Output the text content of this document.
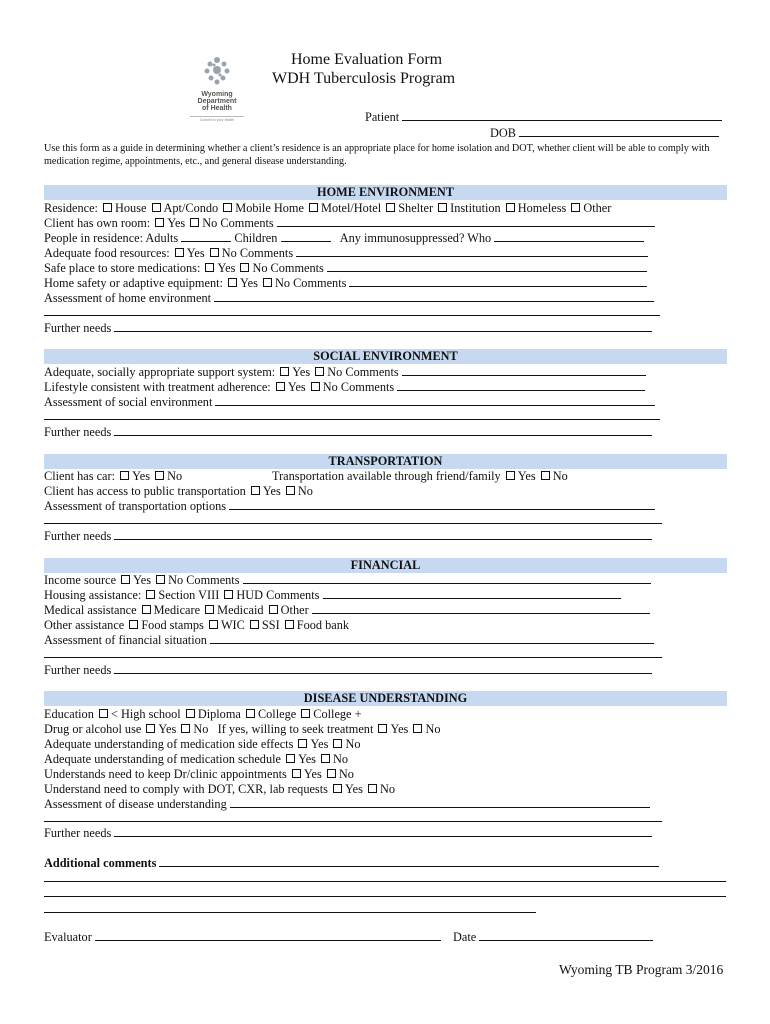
Wyoming
Department
of Health
Commit to your health
Home Evaluation Form
WDH Tuberculosis Program
Patient
DOB
Use this form as a guide in determining whether a client’s residence is an appropriate place for home isolation and DOT, whether client will be able to comply with medication regime, appointments, etc., and general disease understanding.
HOME ENVIRONMENT
Residence: House Apt/Condo Mobile Home Motel/Hotel Shelter Institution Homeless Other
Client has own room: Yes No Comments
People in residence: Adults	Children	Any immunosuppressed? Who
Adequate food resources: Yes No Comments
Safe place to store medications: Yes No Comments
Home safety or adaptive equipment: Yes No Comments
Assessment of home environment
Further needs
SOCIAL ENVIRONMENT
Adequate, socially appropriate support system: Yes No Comments
Lifestyle consistent with treatment adherence: Yes No Comments
Assessment of social environment
Further needs
TRANSPORTATION
Client has car: Yes No	Transportation available through friend/family Yes No
Client has access to public transportation Yes No
Assessment of transportation options
Further needs
FINANCIAL
Income source Yes No Comments
Housing assistance: Section VIII HUD Comments
Medical assistance Medicare Medicaid Other
Other assistance Food stamps WIC SSI Food bank
Assessment of financial situation
Further needs
DISEASE UNDERSTANDING
Education < High school Diploma College College +
Drug or alcohol use Yes No If yes, willing to seek treatment Yes No
Adequate understanding of medication side effects Yes No
Adequate understanding of medication schedule Yes No
Understands need to keep Dr/clinic appointments Yes No
Understand need to comply with DOT, CXR, lab requests Yes No
Assessment of disease understanding
Further needs
Additional comments
Evaluator	Date
Wyoming TB Program 3/2016
